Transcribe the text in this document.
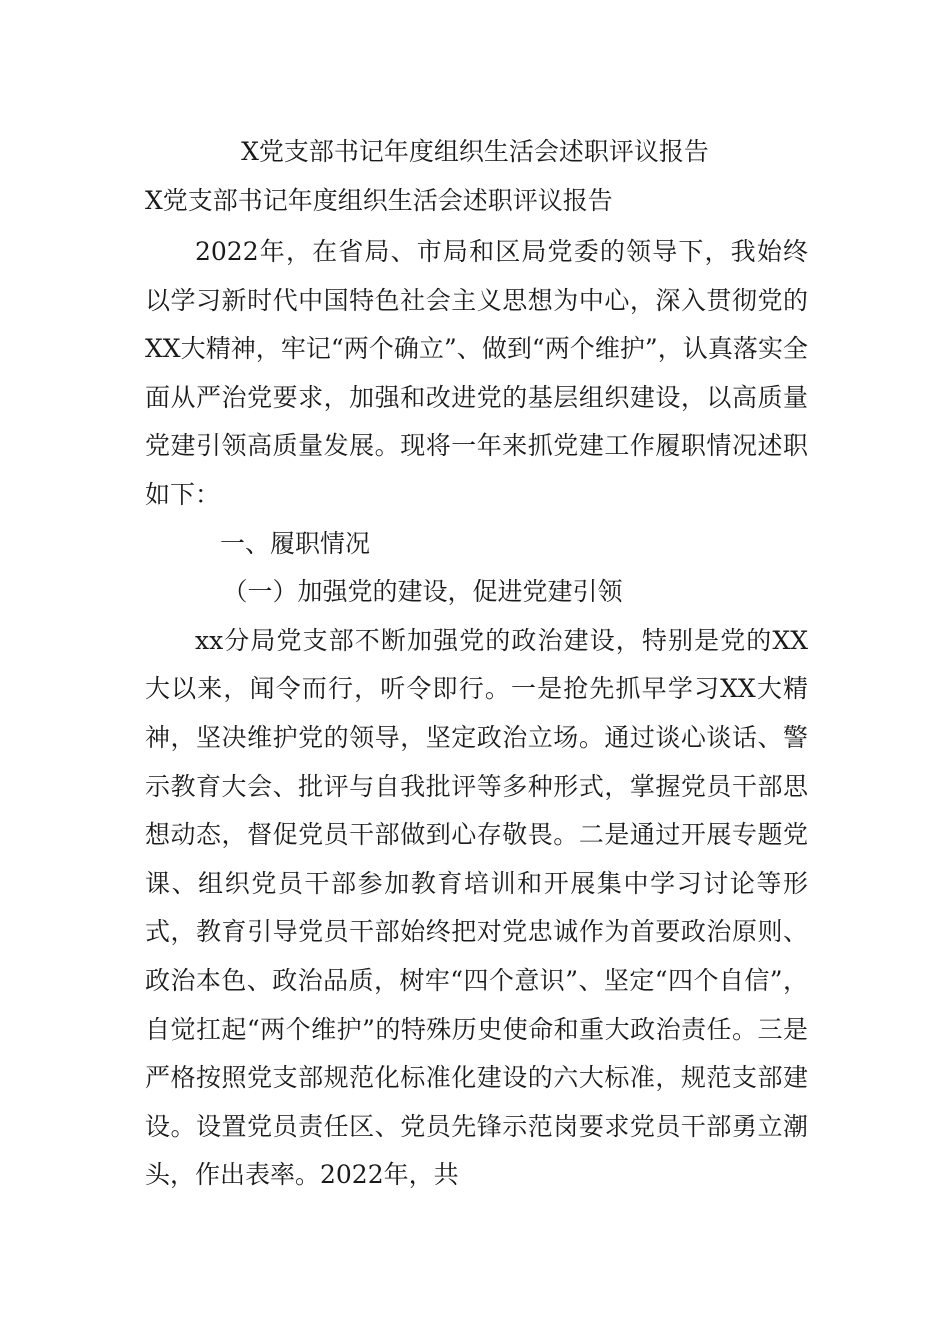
X党支部书记年度组织生活会述职评议报告

X党支部书记年度组织生活会述职评议报告

2022年，在省局、市局和区局党委的领导下，我始终以学习新时代中国特色社会主义思想为中心，深入贯彻党的XX大精神，牢记“两个确立”、做到“两个维护”，认真落实全面从严治党要求，加强和改进党的基层组织建设，以高质量党建引领高质量发展。现将一年来抓党建工作履职情况述职如下：

一、履职情况

（一）加强党的建设，促进党建引领

xx分局党支部不断加强党的政治建设，特别是党的XX大以来，闻令而行，听令即行。一是抢先抓早学习XX大精神，坚决维护党的领导，坚定政治立场。通过谈心谈话、警示教育大会、批评与自我批评等多种形式，掌握党员干部思想动态，督促党员干部做到心存敬畏。二是通过开展专题党课、组织党员干部参加教育培训和开展集中学习讨论等形式，教育引导党员干部始终把对党忠诚作为首要政治原则、政治本色、政治品质，树牢“四个意识”、坚定“四个自信”，自觉扛起“两个维护”的特殊历史使命和重大政治责任。三是严格按照党支部规范化标准化建设的六大标准，规范支部建设。设置党员责任区、党员先锋示范岗要求党员干部勇立潮头，作出表率。2022年，共
